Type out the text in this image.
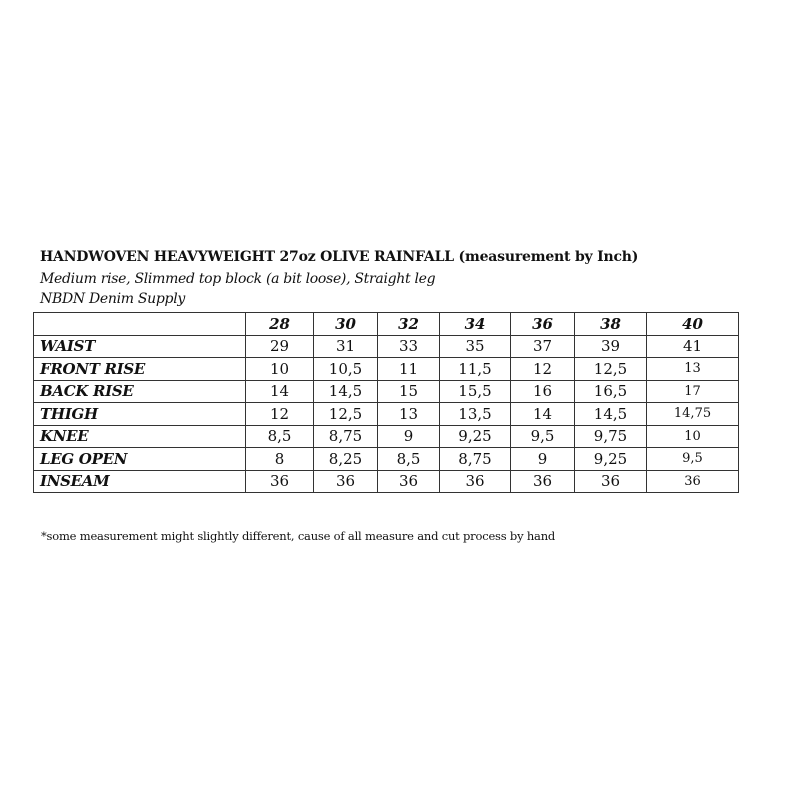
HANDWOVEN HEAVYWEIGHT 27oz OLIVE RAINFALL (measurement by Inch)
Medium rise, Slimmed top block (a bit loose), Straight leg
NBDN Denim Supply
	28	30	32	34	36	38	40
WAIST	29	31	33	35	37	39	41
FRONT RISE	10	10,5	11	11,5	12	12,5	13
BACK RISE	14	14,5	15	15,5	16	16,5	17
THIGH	12	12,5	13	13,5	14	14,5	14,75
KNEE	8,5	8,75	9	9,25	9,5	9,75	10
LEG OPEN	8	8,25	8,5	8,75	9	9,25	9,5
INSEAM	36	36	36	36	36	36	36
*some measurement might slightly different, cause of all measure and cut process by hand
